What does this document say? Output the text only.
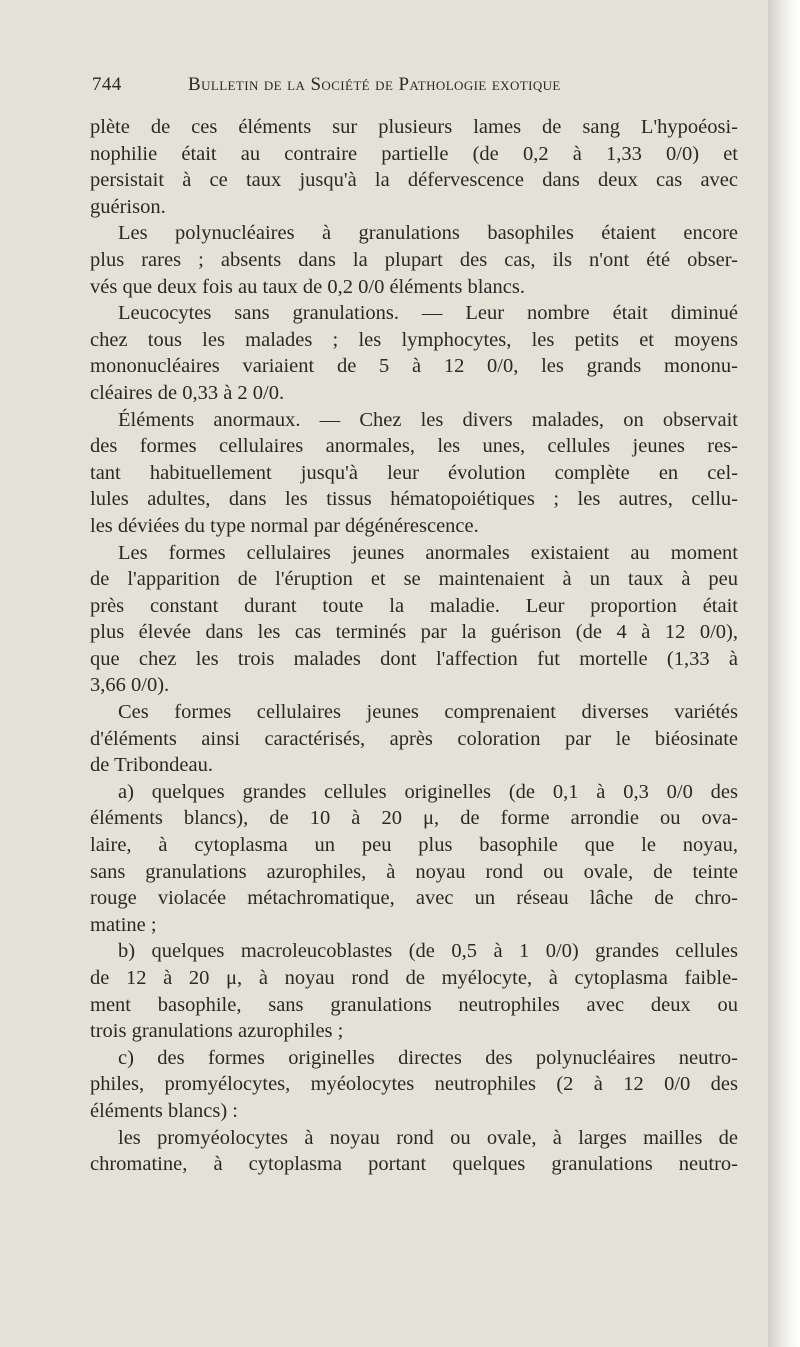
744	Bulletin de la Société de Pathologie exotique
plète de ces éléments sur plusieurs lames de sang L'hypoéosi-
nophilie était au contraire partielle (de 0,2 à 1,33 0/0) et
persistait à ce taux jusqu'à la défervescence dans deux cas avec
guérison.
Les polynucléaires à granulations basophiles étaient encore
plus rares ; absents dans la plupart des cas, ils n'ont été obser-
vés que deux fois au taux de 0,2 0/0 éléments blancs.
Leucocytes sans granulations. — Leur nombre était diminué
chez tous les malades ; les lymphocytes, les petits et moyens
mononucléaires variaient de 5 à 12 0/0, les grands mononu-
cléaires de 0,33 à 2 0/0.
Éléments anormaux. — Chez les divers malades, on observait
des formes cellulaires anormales, les unes, cellules jeunes res-
tant habituellement jusqu'à leur évolution complète en cel-
lules adultes, dans les tissus hématopoiétiques ; les autres, cellu-
les déviées du type normal par dégénérescence.
Les formes cellulaires jeunes anormales existaient au moment
de l'apparition de l'éruption et se maintenaient à un taux à peu
près constant durant toute la maladie. Leur proportion était
plus élevée dans les cas terminés par la guérison (de 4 à 12 0/0),
que chez les trois malades dont l'affection fut mortelle (1,33 à
3,66 0/0).
Ces formes cellulaires jeunes comprenaient diverses variétés
d'éléments ainsi caractérisés, après coloration par le biéosinate
de Tribondeau.
a) quelques grandes cellules originelles (de 0,1 à 0,3 0/0 des
éléments blancs), de 10 à 20 μ, de forme arrondie ou ova-
laire, à cytoplasma un peu plus basophile que le noyau,
sans granulations azurophiles, à noyau rond ou ovale, de teinte
rouge violacée métachromatique, avec un réseau lâche de chro-
matine ;
b) quelques macroleucoblastes (de 0,5 à 1 0/0) grandes cellules
de 12 à 20 μ, à noyau rond de myélocyte, à cytoplasma faible-
ment basophile, sans granulations neutrophiles avec deux ou
trois granulations azurophiles ;
c) des formes originelles directes des polynucléaires neutro-
philes, promyélocytes, myéolocytes neutrophiles (2 à 12 0/0 des
éléments blancs) :
les promyéolocytes à noyau rond ou ovale, à larges mailles de
chromatine, à cytoplasma portant quelques granulations neutro-
